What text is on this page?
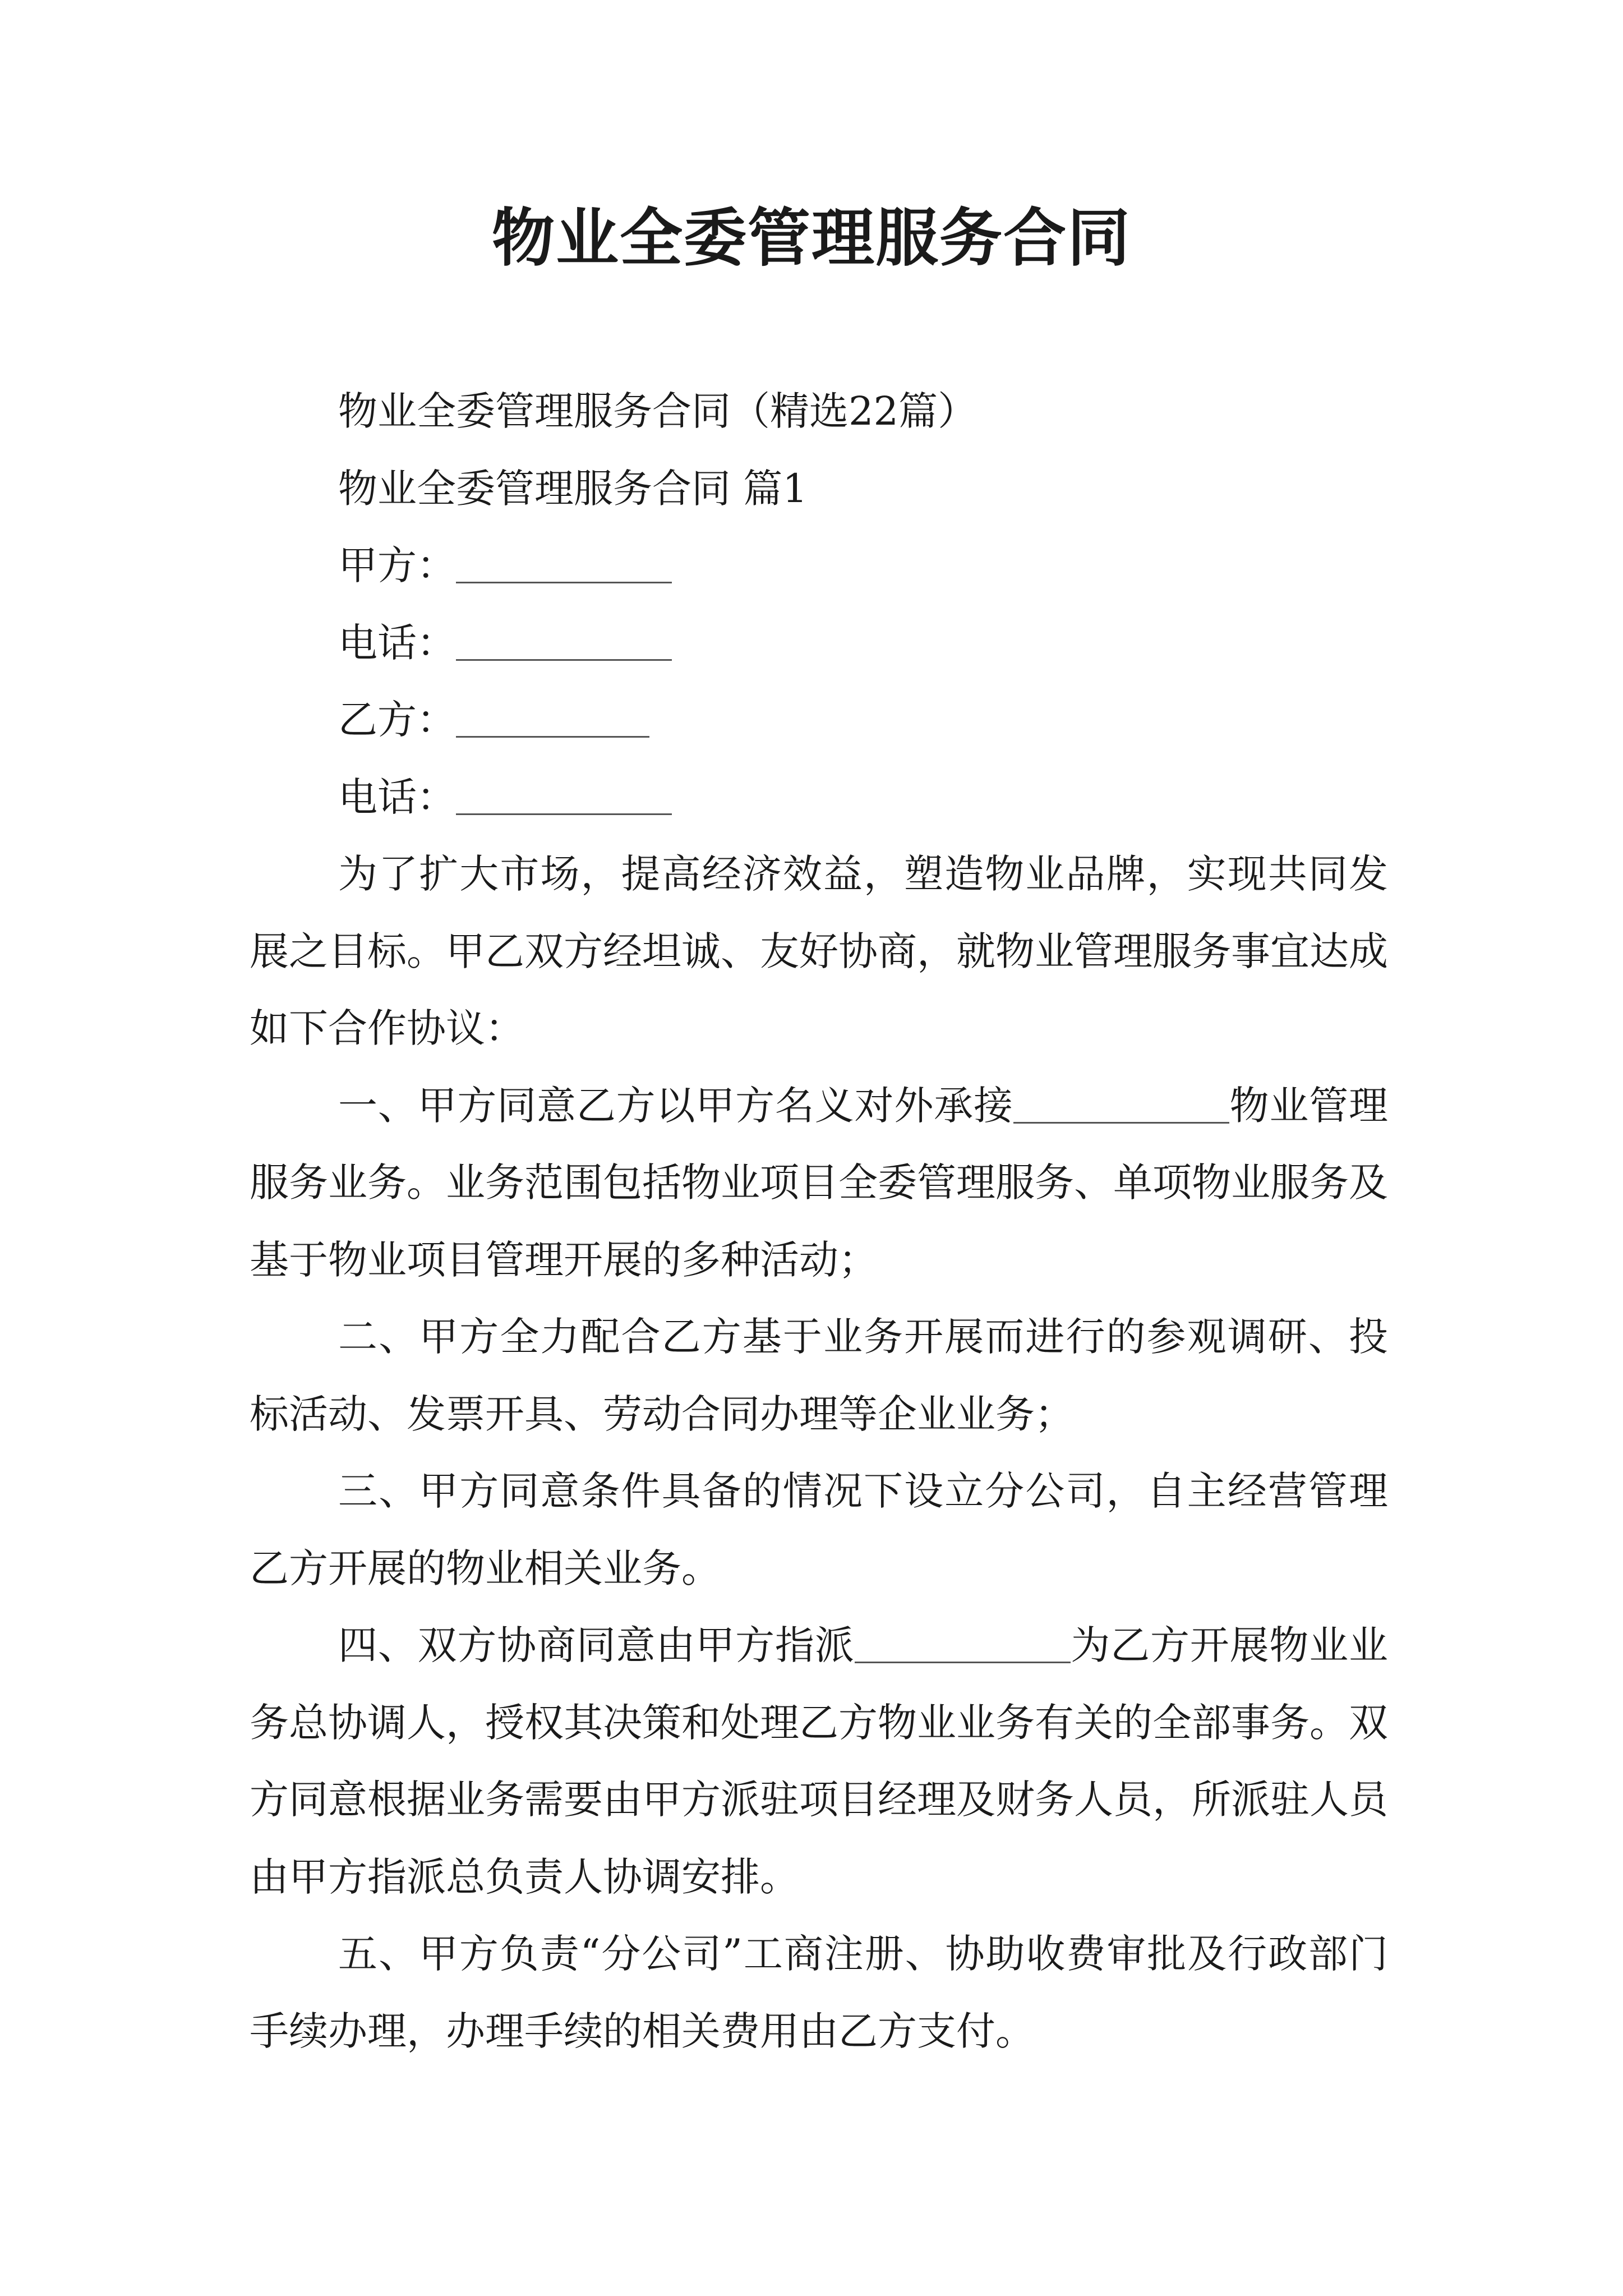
物业全委管理服务合同
物业全委管理服务合同（精选22篇）
物业全委管理服务合同 篇1
甲方：
电话：
乙方：
电话：
为了扩大市场，提高经济效益，塑造物业品牌，实现共同发展之目标。甲乙双方经坦诚、友好协商，就物业管理服务事宜达成如下合作协议：
一、甲方同意乙方以甲方名义对外承接	物业管理服务业务。业务范围包括物业项目全委管理服务、单项物业服务及基于物业项目管理开展的多种活动；
二、甲方全力配合乙方基于业务开展而进行的参观调研、投标活动、发票开具、劳动合同办理等企业业务；
三、甲方同意条件具备的情况下设立分公司，自主经营管理乙方开展的物业相关业务。
四、双方协商同意由甲方指派	为乙方开展物业业务总协调人，授权其决策和处理乙方物业业务有关的全部事务。双方同意根据业务需要由甲方派驻项目经理及财务人员，所派驻人员由甲方指派总负责人协调安排。
五、甲方负责“分公司”工商注册、协助收费审批及行政部门手续办理，办理手续的相关费用由乙方支付。
